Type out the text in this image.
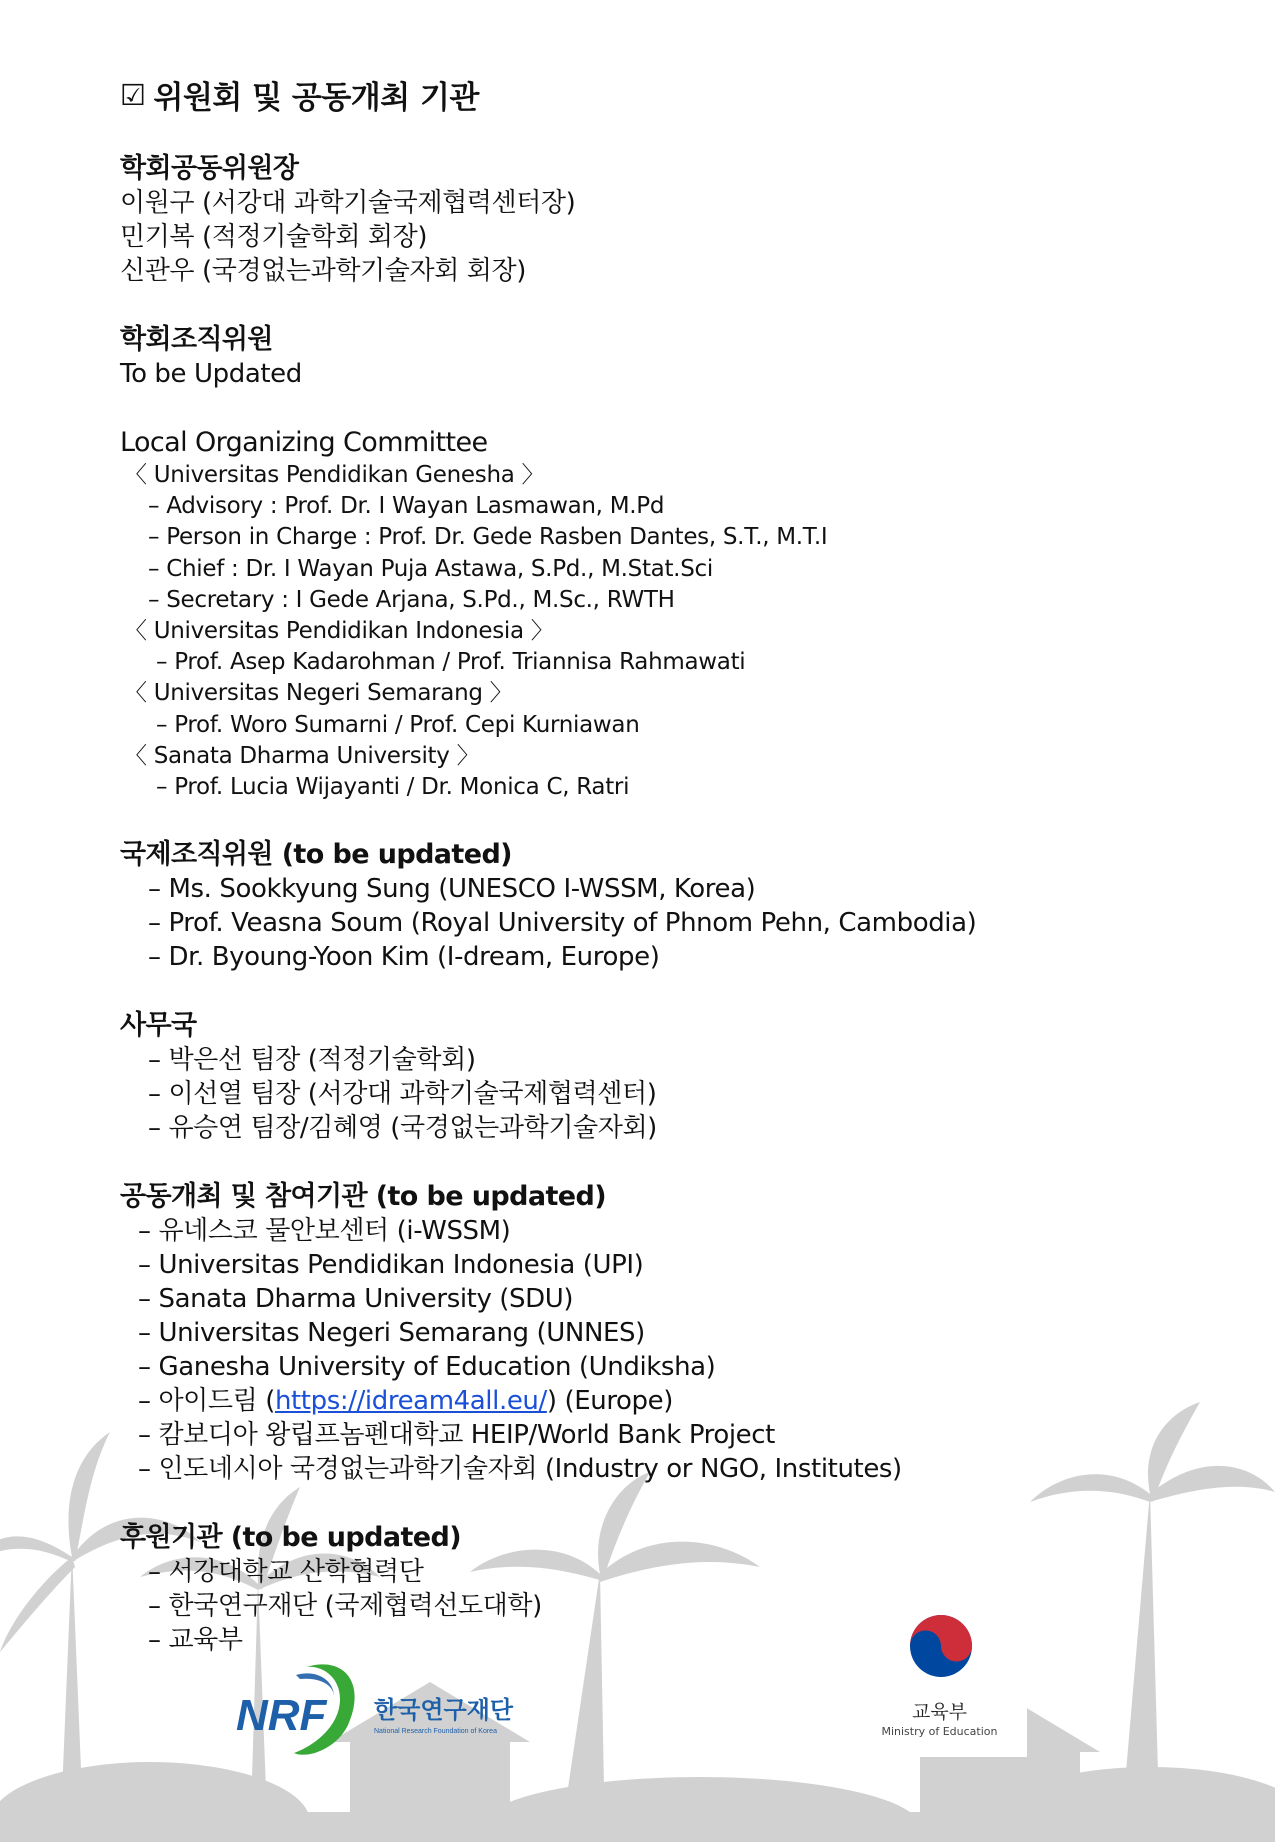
☑ 위원회 및 공동개최 기관
학회공동위원장
이원구 (서강대 과학기술국제협력센터장)
민기복 (적정기술학회 회장)
신관우 (국경없는과학기술자회 회장)
학회조직위원
To be Updated
Local Organizing Committee
〈 Universitas Pendidikan Genesha 〉
– Advisory : Prof. Dr. I Wayan Lasmawan, M.Pd
– Person in Charge : Prof. Dr. Gede Rasben Dantes, S.T., M.T.I
– Chief : Dr. I Wayan Puja Astawa, S.Pd., M.Stat.Sci
– Secretary : I Gede Arjana, S.Pd., M.Sc., RWTH
〈 Universitas Pendidikan Indonesia 〉
– Prof. Asep Kadarohman / Prof. Triannisa Rahmawati
〈 Universitas Negeri Semarang 〉
– Prof. Woro Sumarni / Prof. Cepi Kurniawan
〈 Sanata Dharma University 〉
– Prof. Lucia Wijayanti / Dr. Monica C, Ratri
국제조직위원 (to be updated)
– Ms. Sookkyung Sung (UNESCO I-WSSM, Korea)
– Prof. Veasna Soum (Royal University of Phnom Pehn, Cambodia)
– Dr. Byoung-Yoon Kim (I-dream, Europe)
사무국
– 박은선 팀장 (적정기술학회)
– 이선열 팀장 (서강대 과학기술국제협력센터)
– 유승연 팀장/김혜영 (국경없는과학기술자회)
공동개최 및 참여기관 (to be updated)
– 유네스코 물안보센터 (i-WSSM)
– Universitas Pendidikan Indonesia (UPI)
– Sanata Dharma University (SDU)
– Universitas Negeri Semarang (UNNES)
– Ganesha University of Education (Undiksha)
– 아이드림 (https://idream4all.eu/) (Europe)
– 캄보디아 왕립프놈펜대학교 HEIP/World Bank Project
– 인도네시아 국경없는과학기술자회 (Industry or NGO, Institutes)
후원기관 (to be updated)
– 서강대학교 산학협력단
– 한국연구재단 (국제협력선도대학)
– 교육부
NRF 한국연구재단
National Research Foundation of Korea
교육부
Ministry of Education
